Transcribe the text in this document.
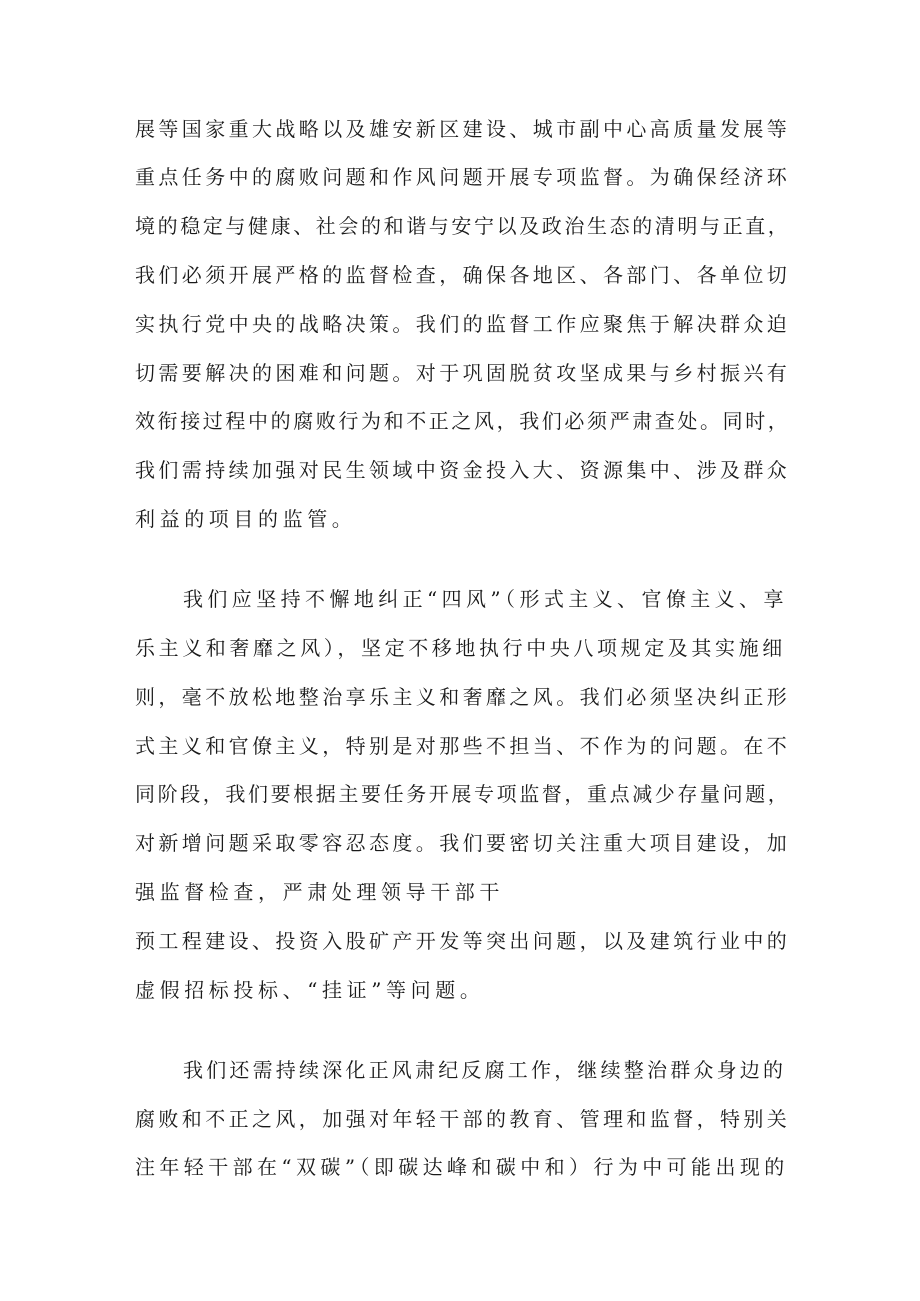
展等国家重大战略以及雄安新区建设、城市副中心高质量发展等
重点任务中的腐败问题和作风问题开展专项监督。为确保经济环
境的稳定与健康、社会的和谐与安宁以及政治生态的清明与正直，
我们必须开展严格的监督检查，确保各地区、各部门、各单位切
实执行党中央的战略决策。我们的监督工作应聚焦于解决群众迫
切需要解决的困难和问题。对于巩固脱贫攻坚成果与乡村振兴有
效衔接过程中的腐败行为和不正之风，我们必须严肃查处。同时，
我们需持续加强对民生领域中资金投入大、资源集中、涉及群众
利益的项目的监管。
我们应坚持不懈地纠正“四风”（形式主义、官僚主义、享
乐主义和奢靡之风），坚定不移地执行中央八项规定及其实施细
则，毫不放松地整治享乐主义和奢靡之风。我们必须坚决纠正形
式主义和官僚主义，特别是对那些不担当、不作为的问题。在不
同阶段，我们要根据主要任务开展专项监督，重点减少存量问题，
对新增问题采取零容忍态度。我们要密切关注重大项目建设，加
强监督检查，严肃处理领导干部干
预工程建设、投资入股矿产开发等突出问题，以及建筑行业中的
虚假招标投标、“挂证”等问题。
我们还需持续深化正风肃纪反腐工作，继续整治群众身边的
腐败和不正之风，加强对年轻干部的教育、管理和监督，特别关
注年轻干部在“双碳”（即碳达峰和碳中和）行为中可能出现的
